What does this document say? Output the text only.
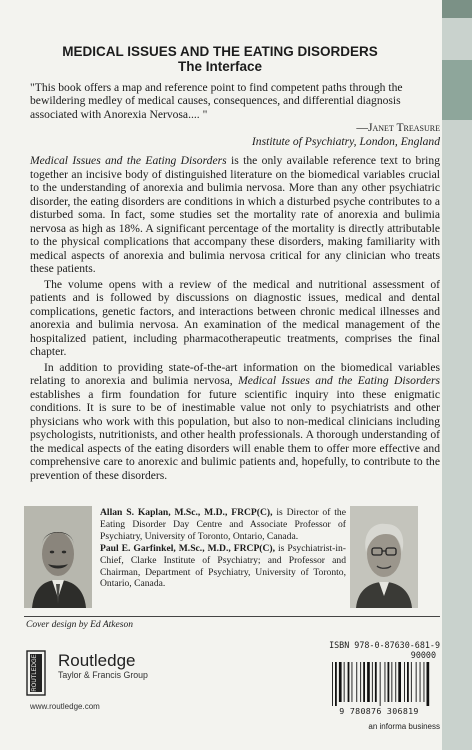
MEDICAL ISSUES AND THE EATING DISORDERS
The Interface
"This book offers a map and reference point to find competent paths through the bewildering medley of medical causes, consequences, and differential diagnosis associated with Anorexia Nervosa.... "
—Janet Treasure
Institute of Psychiatry, London, England

Medical Issues and the Eating Disorders is the only available reference text to bring together an incisive body of distinguished literature on the biomedical variables crucial to the understanding of anorexia and bulimia nervosa. More than any other psychiatric disorder, the eating disorders are conditions in which a disturbed psyche contributes to a disturbed soma. In fact, some studies set the mortality rate of anorexia and bulimia nervosa as high as 18%. A significant percentage of the mortality is directly attributable to the physical complications that accompany these disorders, making familiarity with medical aspects of anorexia and bulimia nervosa critical for any clinician who treats these patients.

The volume opens with a review of the medical and nutritional assessment of patients and is followed by discussions on diagnostic issues, medical and dental complications, genetic factors, and interactions between chronic medical illnesses and anorexia and bulimia nervosa. An examination of the medical management of the hospitalized patient, including pharmacotherapeutic treatments, comprises the final chapter.

In addition to providing state-of-the-art information on the biomedical variables relating to anorexia and bulimia nervosa, Medical Issues and the Eating Disorders establishes a firm foundation for future scientific inquiry into these enigmatic conditions. It is sure to be of inestimable value not only to psychiatrists and other physicians who work with this population, but also to non-medical clinicians including psychologists, nutritionists, and other health professionals. A thorough understanding of the medical aspects of the eating disorders will enable them to offer more effective and comprehensive care to anorexic and bulimic patients and, hopefully, to contribute to the prevention of these disorders.

Allan S. Kaplan, M.Sc., M.D., FRCP(C), is Director of the Eating Disorder Day Centre and Associate Professor of Psychiatry, University of Toronto, Ontario, Canada.

Paul E. Garfinkel, M.Sc., M.D., FRCP(C), is Psychiatrist-in-Chief, Clarke Institute of Psychiatry; and Professor and Chairman, Department of Psychiatry, University of Toronto, Ontario, Canada.

Cover design by Ed Atkeson
ROUTLEDGE Routledge
Taylor & Francis Group
www.routledge.com
ISBN 978-0-87630-681-9
90000
9 780876 306819
an informa business
